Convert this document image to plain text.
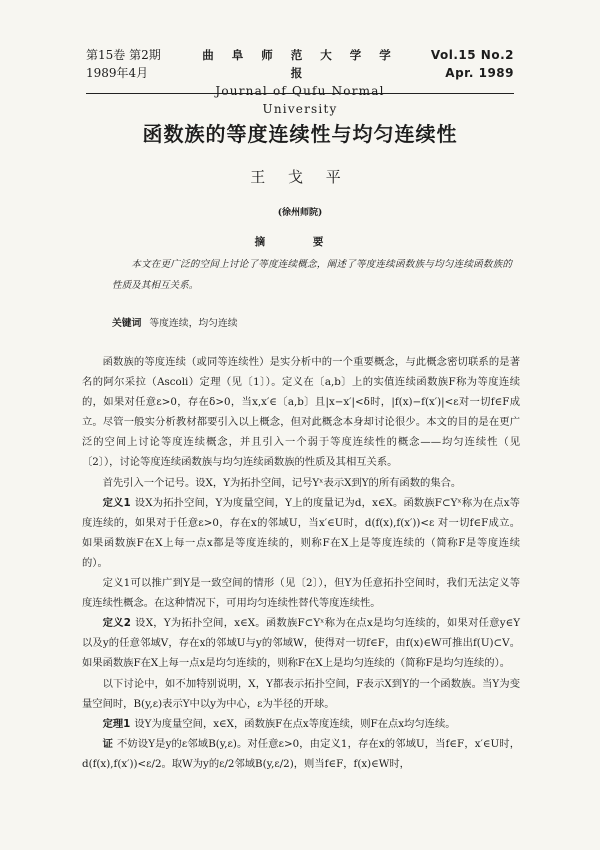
第15卷 第2期
1989年4月
曲 阜 师 范 大 学 学 报
Journal of Qufu Normal University
Vol.15 No.2
Apr. 1989
函数族的等度连续性与均匀连续性
王 戈 平
(徐州师院)
摘 要
本文在更广泛的空间上讨论了等度连续概念，阐述了等度连续函数族与均匀连续函数族的性质及其相互关系。
关键词 等度连续，均匀连续

函数族的等度连续（或同等连续性）是实分析中的一个重要概念，与此概念密切联系的是著名的阿尔采拉（Ascoli）定理（见〔1〕）。定义在〔a,b〕上的实值连续函数族F称为等度连续的，如果对任意ε>0，存在δ>0，当x,x′∈〔a,b〕且|x−x′|<δ时，|f(x)−f(x′)|<ε对一切f∈F成立。尽管一般实分析教材都要引入以上概念，但对此概念本身却讨论很少。本文的目的是在更广泛的空间上讨论等度连续概念，并且引入一个弱于等度连续性的概念——均匀连续性（见〔2〕），讨论等度连续函数族与均匀连续函数族的性质及其相互关系。

首先引入一个记号。设X，Y为拓扑空间，记号Yˣ表示X到Y的所有函数的集合。

定义1 设X为拓扑空间，Y为度量空间，Y上的度量记为d，x∈X。函数族F⊂Yˣ称为在点x等度连续的，如果对于任意ε>0，存在x的邻域U，当x′∈U时，d(f(x),f(x′))<ε 对一切f∈F成立。如果函数族F在X上每一点x都是等度连续的，则称F在X上是等度连续的（简称F是等度连续的）。

定义1可以推广到Y是一致空间的情形（见〔2〕），但Y为任意拓扑空间时，我们无法定义等度连续性概念。在这种情况下，可用均匀连续性替代等度连续性。

定义2 设X，Y为拓扑空间，x∈X。函数族F⊂Yˣ称为在点x是均匀连续的，如果对任意y∈Y以及y的任意邻域V，存在x的邻域U与y的邻域W，使得对一切f∈F，由f(x)∈W可推出f(U)⊂V。如果函数族F在X上每一点x是均匀连续的，则称F在X上是均匀连续的（简称F是均匀连续的）。

以下讨论中，如不加特别说明，X，Y都表示拓扑空间，F表示X到Y的一个函数族。当Y为变量空间时，B(y,ε)表示Y中以y为中心，ε为半径的开球。

定理1 设Y为度量空间，x∈X，函数族F在点x等度连续，则F在点x均匀连续。

证 不妨设Y是y的ε邻域B(y,ε)。对任意ε>0，由定义1，存在x的邻域U，当f∈F，x′∈U时，d(f(x),f(x′))<ε/2。取W为y的ε/2邻域B(y,ε/2)，则当f∈F，f(x)∈W时，
